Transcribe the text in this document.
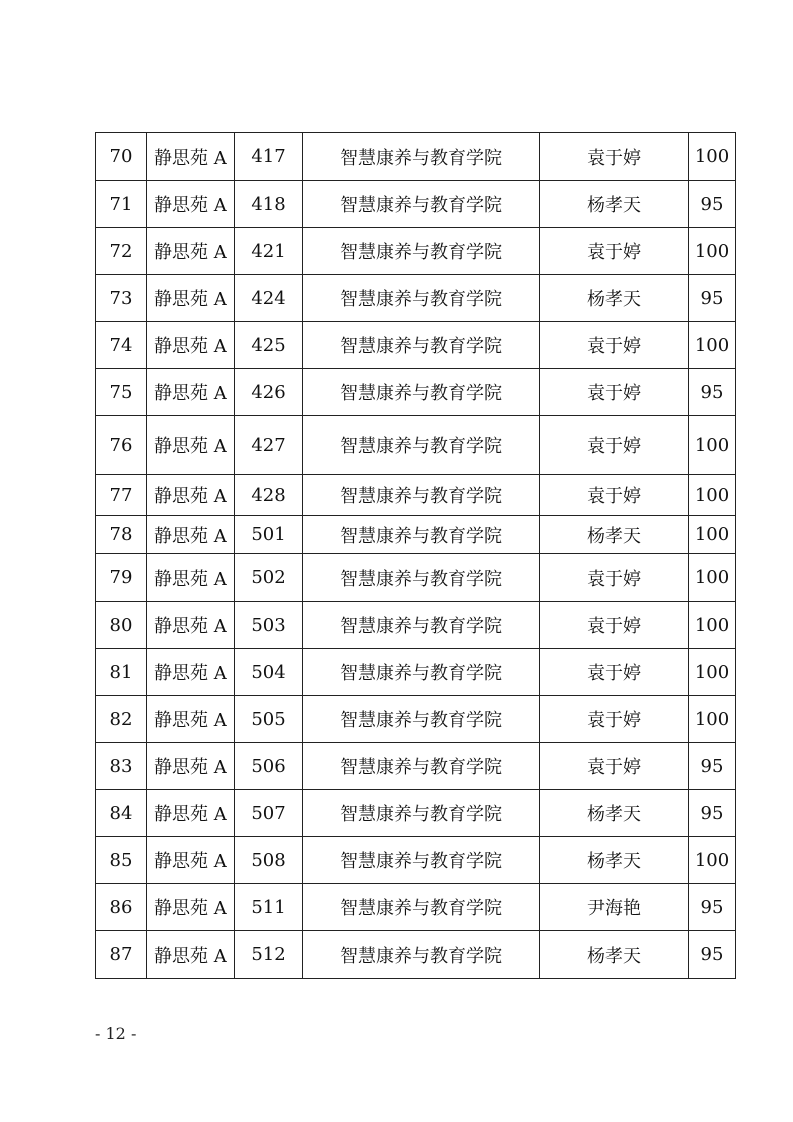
70	静思苑 A	417	智慧康养与教育学院	袁于婷	100
71	静思苑 A	418	智慧康养与教育学院	杨孝天	95
72	静思苑 A	421	智慧康养与教育学院	袁于婷	100
73	静思苑 A	424	智慧康养与教育学院	杨孝天	95
74	静思苑 A	425	智慧康养与教育学院	袁于婷	100
75	静思苑 A	426	智慧康养与教育学院	袁于婷	95
76	静思苑 A	427	智慧康养与教育学院	袁于婷	100
77	静思苑 A	428	智慧康养与教育学院	袁于婷	100
78	静思苑 A	501	智慧康养与教育学院	杨孝天	100
79	静思苑 A	502	智慧康养与教育学院	袁于婷	100
80	静思苑 A	503	智慧康养与教育学院	袁于婷	100
81	静思苑 A	504	智慧康养与教育学院	袁于婷	100
82	静思苑 A	505	智慧康养与教育学院	袁于婷	100
83	静思苑 A	506	智慧康养与教育学院	袁于婷	95
84	静思苑 A	507	智慧康养与教育学院	杨孝天	95
85	静思苑 A	508	智慧康养与教育学院	杨孝天	100
86	静思苑 A	511	智慧康养与教育学院	尹海艳	95
87	静思苑 A	512	智慧康养与教育学院	杨孝天	95
- 12 -
